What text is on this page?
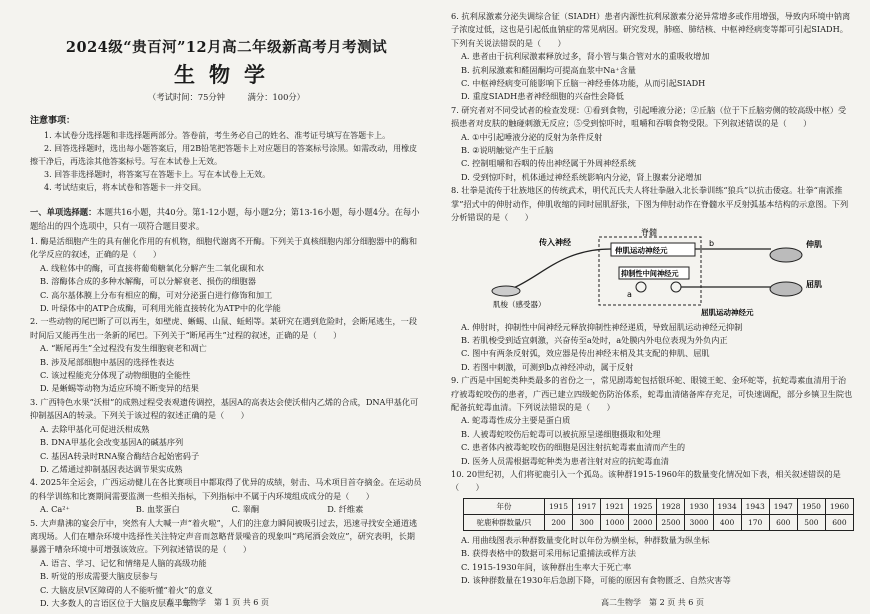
2024级“贵百河”12月高二年级新高考月考测试
生物学
（考试时间：75分钟	满分：100分）
注意事项：

1. 本试卷分选择题和非选择题两部分。答卷前，考生务必自己的姓名、准考证号填写在答题卡上。

2. 回答选择题时，选出每小题答案后，用2B铅笔把答题卡上对应题目的答案标号涂黑。如需改动，用橡皮擦干净后，再选涂其他答案标号。写在本试卷上无效。

3. 回答非选择题时，将答案写在答题卡上。写在本试卷上无效。

4. 考试结束后，将本试卷和答题卡一并交回。

一、单项选择题：本题共16小题，共40分。第1-12小题，每小题2分；第13-16小题，每小题4分。在每小题给出的四个选项中，只有一项符合题目要求。

1. 酶是活细胞产生的具有催化作用的有机物，细胞代谢离不开酶。下列关于真核细胞内部分细胞器中的酶和化学反应的叙述，正确的是（　　）

A. 线粒体中的酶，可直接将葡萄糖氧化分解产生二氧化碳和水

B. 溶酶体合成的多种水解酶，可以分解衰老、损伤的细胞器

C. 高尔基体膜上分布有相应的酶，可对分泌蛋白进行修饰和加工

D. 叶绿体中的ATP合成酶，可利用光能直接转化为ATP中的化学能

2. 一些动物的尾巴断了可以再生，如壁虎、蜥蜴、山鼠、蚯蚓等。某研究在遇到危险时，会断尾逃生，一段时间后又能再生出一条新的尾巴。下列关于“断尾再生”过程的叙述，正确的是（　　）

A. “断尾再生”全过程没有发生细胞衰老和凋亡

B. 涉及尾部细胞中基因的选择性表达

C. 该过程能充分体现了动物细胞的全能性

D. 是蜥蜴等动物为适应环境不断变异的结果

3. 广西特色水果“沃柑”的成熟过程受表观遗传调控，基因A的高表达会使沃柑内乙烯的合成，DNA甲基化可抑制基因A的转录。下列关于该过程的叙述正确的是（　　）

A. 去除甲基化可促进沃柑成熟

B. DNA甲基化会改变基因A的碱基序列

C. 基因A转录时RNA聚合酶结合起始密码子

D. 乙烯通过抑制基因表达调节果实成熟

4. 2025年全运会，广西运动健儿在各比赛项目中都取得了优异的成绩，射击、马术项目首夺摘金。在运动员的科学训练和比赛期间需要监测一些相关指标，下列指标中不属于内环境组成成分的是（　　）

A. Ca²⁺	B. 血浆蛋白	C. 睾酮	D. 纤维素

5. 大声鼎沸的宴会厅中，突然有人大喊一声“着火啦”，人们的注意力瞬间被吸引过去，迅速寻找安全通道逃离现场。人们在嘈杂环境中选择性关注特定声音而忽略背景噪音的现象叫“鸡尾酒会效应”，研究表明，长期暴露于嘈杂环境中可增强该效应。下列叙述错误的是（　　）

A. 语言、学习、记忆和情绪是人脑的高级功能

B. 听觉的形成需要大脑皮层参与

C. 大脑皮层V区障碍的人不能听懂“着火”的意义

D. 大多数人的言语区位于大脑皮层左半球

高二生物学　第 1 页 共 6 页

6. 抗利尿激素分泌失调综合征（SIADH）患者内源性抗利尿激素分泌异常增多或作用增强，导致内环境中钠离子浓度过低，这也是引起低血钠症的常见病因。研究发现，肺癌、肺结核、中枢神经病变等都可引起SIADH。下列有关说法错误的是（　　）

A. 患者由于抗利尿激素释放过多，肾小管与集合管对水的重吸收增加

B. 抗利尿激素和醛固酮均可提高血浆中Na⁺含量

C. 中枢神经病变可能影响下丘脑一神经垂体功能，从而引起SIADH

D. 重度SIADH患者神经细胞的兴奋性会降低

7. 研究者对不同受试者的检查发现：①看到食物，引起唾液分泌；②丘脑（位于下丘脑旁侧的较高级中枢）受损患者对皮肤的触碰刺激无反应；⑤受到惊吓时，咀嚼和吞咽食物受限。下列叙述错误的是（　　）

A. ①中引起唾液分泌的反射为条件反射

B. ②说明触觉产生于丘脑

C. 控制咀嚼和吞咽的传出神经属于外周神经系统

D. 受到惊吓时，机体通过神经系统影响内分泌，肾上腺素分泌增加

8. 壮拳是流传于壮族地区的传统武术，明代瓦氏夫人将壮拳融入北长拳训练“狼兵”以抗击倭寇。壮拳“南派推掌”招式中的伸肘动作，伸肌收缩的同时屈肌舒张，下图为伸肘动作在脊髓水平反射弧基本结构的示意图。下列分析错误的是（　　）

脊髓
传入神经
伸肌运动神经元
b
抑制性中间神经元
a
肌梭（感受器）
伸肌
屈肌
屈肌运动神经元

A. 伸肘时，抑制性中间神经元释放抑制性神经递质，导致屈肌运动神经元抑制

B. 若肌梭受到适宜刺激，兴奋传至a处时，a处膜内外电位表现为外负内正

C. 图中有两条反射弧，效应器是传出神经末梢及其支配的伸肌、屈肌

D. 若图中刺激，可测到b点神经冲动，属于反射

9. 广西是中国蛇类种类最多的省份之一，常见剧毒蛇包括银环蛇、眼镜王蛇、金环蛇等，抗蛇毒素血清用于治疗被毒蛇咬伤的患者，广西已建立四级蛇伤防治体系，蛇毒血清储备库存充足，可快速调配，部分乡镇卫生院也配备抗蛇毒血清。下列说法错误的是（　　）

A. 蛇毒毒性成分主要是蛋白质

B. 人被毒蛇咬伤后蛇毒可以被抗原呈递细胞摄取和处理

C. 患者体内被毒蛇咬伤的细胞是因注射抗蛇毒素血清而产生的

D. 医务人员需根据毒蛇种类为患者注射对应的抗蛇毒血清

10. 20世纪初，人们将驼鹿引入一个孤岛。该种群1915-1960年的数量变化情况如下表，相关叙述错误的是（　　）

年份	1915	1917	1921	1925	1928	1930	1934	1943	1947	1950	1960
驼鹿种群数量/只	200	300	1000	2000	2500	3000	400	170	600	500	600

A. 用曲线图表示种群数量变化时以年份为横坐标，种群数量为纵坐标

B. 获得表格中的数据可采用标记重捕法或样方法

C. 1915-1930年间，该种群出生率大于死亡率

D. 该种群数量在1930年后急剧下降，可能的原因有食物匮乏、自然灾害等

高二生物学　第 2 页 共 6 页
